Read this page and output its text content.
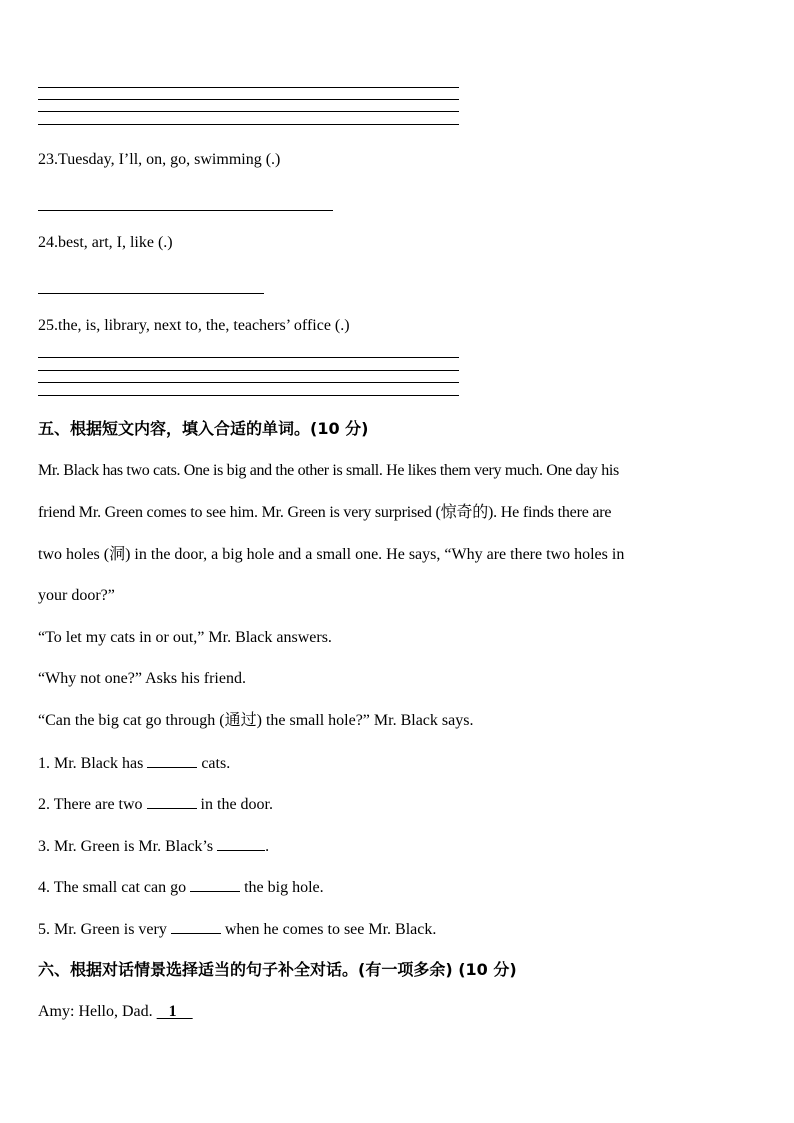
23.Tuesday, I’ll, on, go, swimming (.)
24.best, art, I, like (.)
25.the, is, library, next to, the, teachers’ office (.)
五、根据短文内容，填入合适的单词。(10 分)
Mr. Black has two cats. One is big and the other is small. He likes them very much. One day his
friend Mr. Green comes to see him. Mr. Green is very surprised (惊奇的). He finds there are
two holes (洞) in the door, a big hole and a small one. He says, “Why are there two holes in
your door?”
“To let my cats in or out,” Mr. Black answers.
“Why not one?” Asks his friend.
“Can the big cat go through (通过) the small hole?” Mr. Black says.
1. Mr. Black has	cats.
2. There are two	in the door.
3. Mr. Green is Mr. Black’s	.
4. The small cat can go	the big hole.
5. Mr. Green is very	when he comes to see Mr. Black.
六、根据对话情景选择适当的句子补全对话。(有一项多余) (10 分)
Amy: Hello, Dad.    1
